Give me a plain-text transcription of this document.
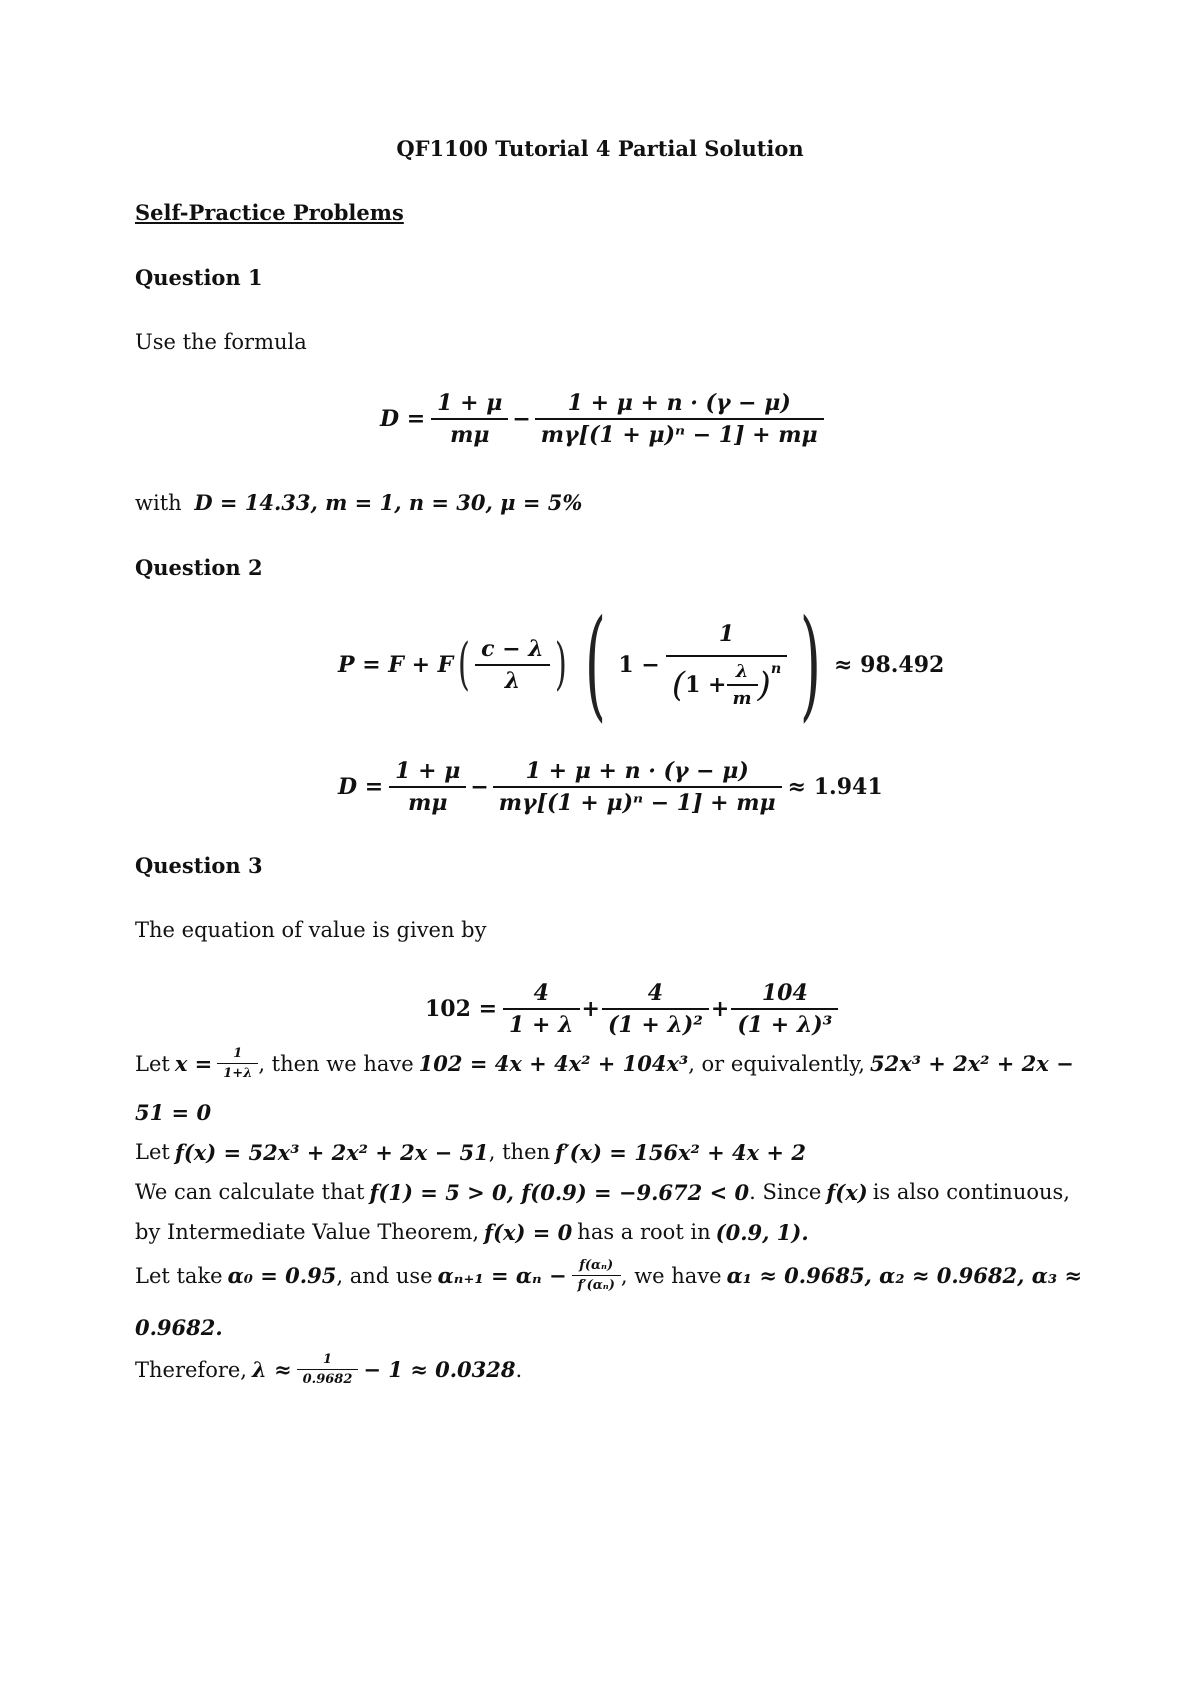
QF1100 Tutorial 4 Partial Solution
Self-Practice Problems
Question 1
Use the formula
$D = \frac{1 + \mu}{m\mu} - \frac{1 + \mu + n \cdot (\gamma - \mu)}{\text{mγ[(1 + μ)ⁿ − 1] + mμ}}$
with D = 14.33, m = 1, n = 30, μ = 5%
Question 2
P = F + F ( $\frac{c - \lambda}{\lambda}$ ) ( 1 −
1
( $1 + \frac{\lambda}{m} )^n$ ) ≈ 98.492
$D = \frac{1 + \mu}{m\mu} - \frac{1 + \mu + n \cdot (\gamma - \mu)}{\text{mγ[(1 + μ)ⁿ − 1] + mμ}} \approx 1.941$
Question 3
The equation of value is given by
$102 = \frac{4}{1 + \lambda} + \frac{4}{\text{(1 + λ)²}} + \frac{104}{\text{(1 + λ)³}}$
Let $x = \frac{1}{1+\lambda}$ , then we have 102 = 4x + 4x² + 104x³ , or equivalently, 52x³ + 2x² + 2x −
51 = 0
Let f(x) = 52x³ + 2x² + 2x − 51 , then f′(x) = 156x² + 4x + 2
We can calculate that f(1) = 5 > 0, f(0.9) = −9.672 < 0 . Since f(x) is also continuous,
by Intermediate Value Theorem, f(x) = 0 has a root in (0.9, 1).
Let take α₀ = 0.95 , and use $\alpha_{n+1} = \alpha_n - \frac{\text{f(αₙ)}}{\text{f′(αₙ)}}$ , we have α₁ ≈ 0.9685, α₂ ≈ 0.9682, α₃ ≈
0.9682.
Therefore, $\lambda \approx \frac{1}{0.9682} - 1 \approx 0.0328$ .
